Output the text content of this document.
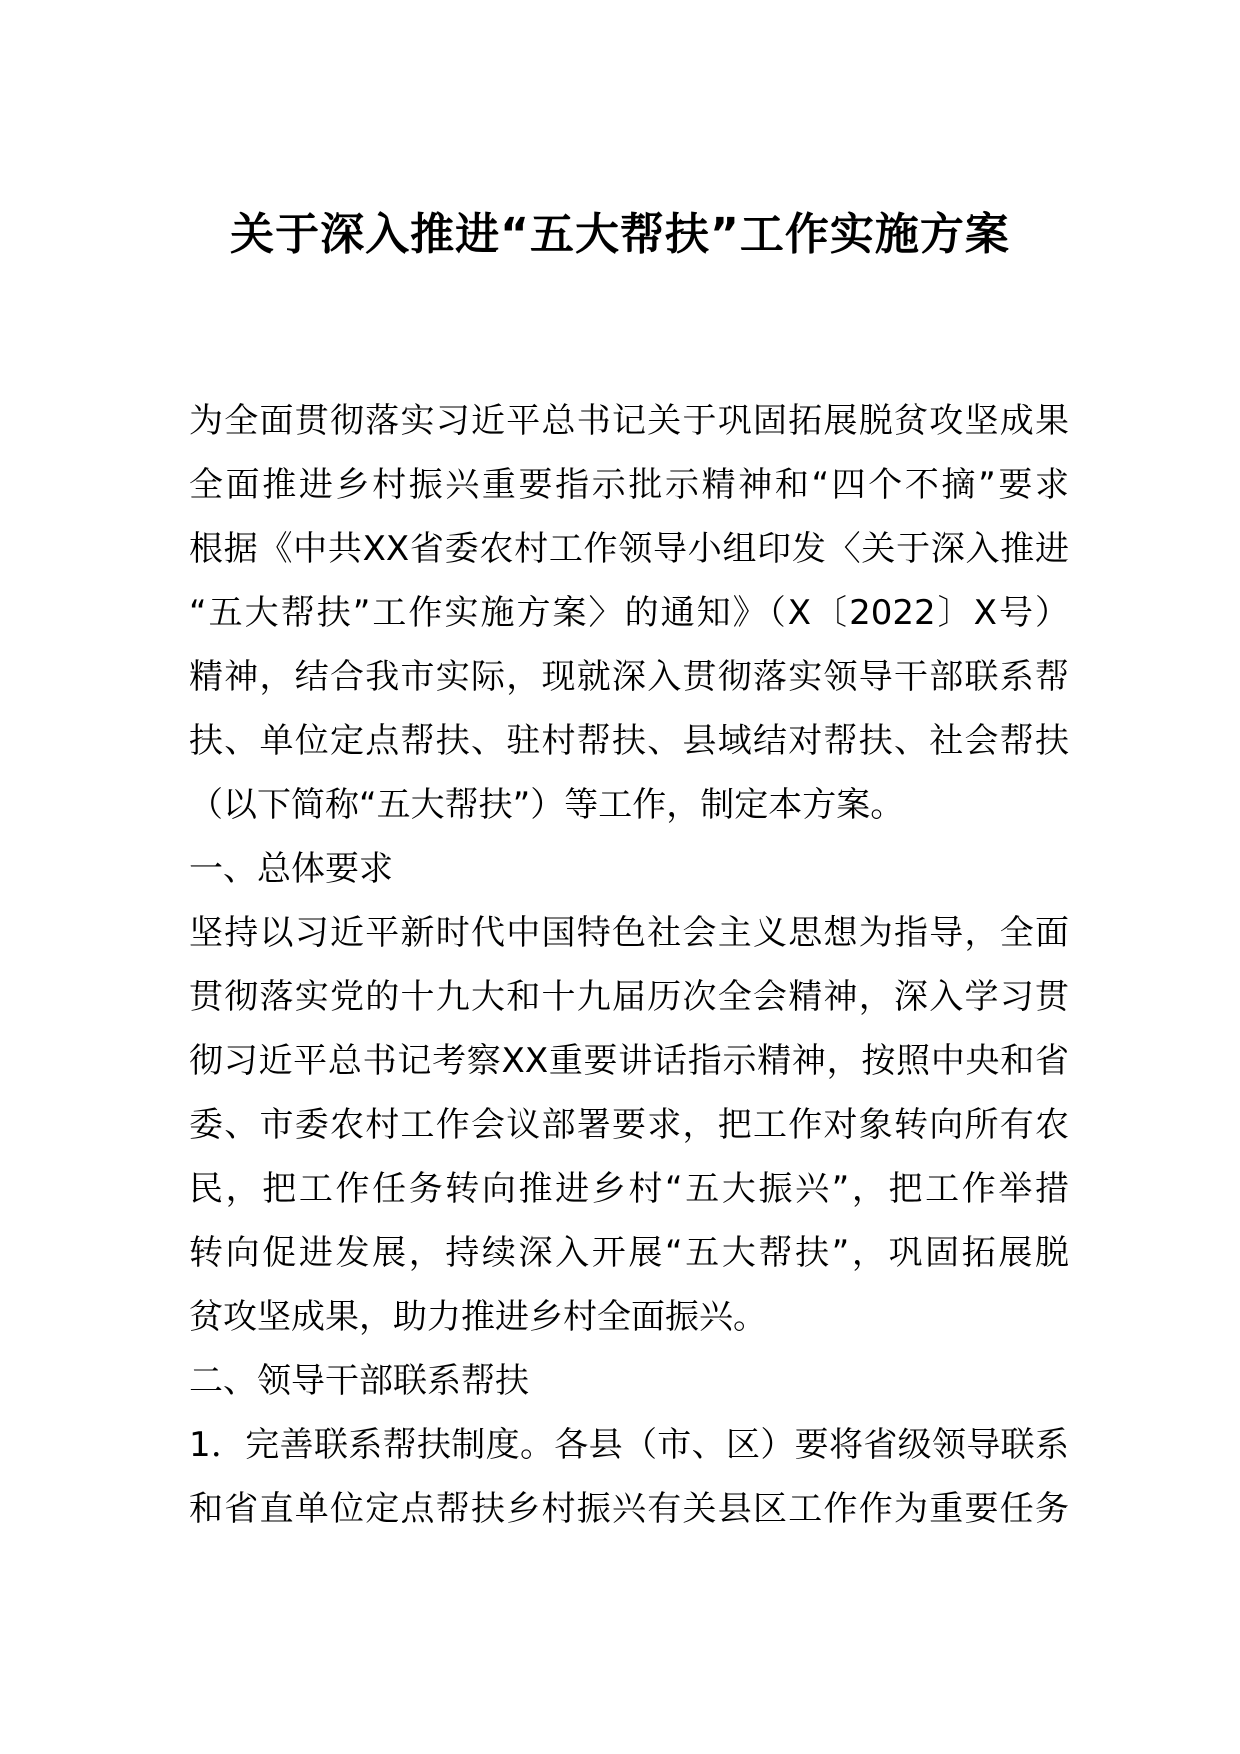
关于深入推进“五大帮扶”工作实施方案

为全面贯彻落实习近平总书记关于巩固拓展脱贫攻坚成果

全面推进乡村振兴重要指示批示精神和“四个不摘”要求

根据《中共XX省委农村工作领导小组印发〈关于深入推进

“五大帮扶”工作实施方案〉的通知》（X〔2022〕X号）

精神，结合我市实际，现就深入贯彻落实领导干部联系帮

扶、单位定点帮扶、驻村帮扶、县域结对帮扶、社会帮扶

（以下简称“五大帮扶”）等工作，制定本方案。

一、总体要求

坚持以习近平新时代中国特色社会主义思想为指导，全面

贯彻落实党的十九大和十九届历次全会精神，深入学习贯

彻习近平总书记考察XX重要讲话指示精神，按照中央和省

委、市委农村工作会议部署要求，把工作对象转向所有农

民，把工作任务转向推进乡村“五大振兴”，把工作举措

转向促进发展，持续深入开展“五大帮扶”，巩固拓展脱

贫攻坚成果，助力推进乡村全面振兴。

二、领导干部联系帮扶

1．完善联系帮扶制度。各县（市、区）要将省级领导联系

和省直单位定点帮扶乡村振兴有关县区工作作为重要任务
